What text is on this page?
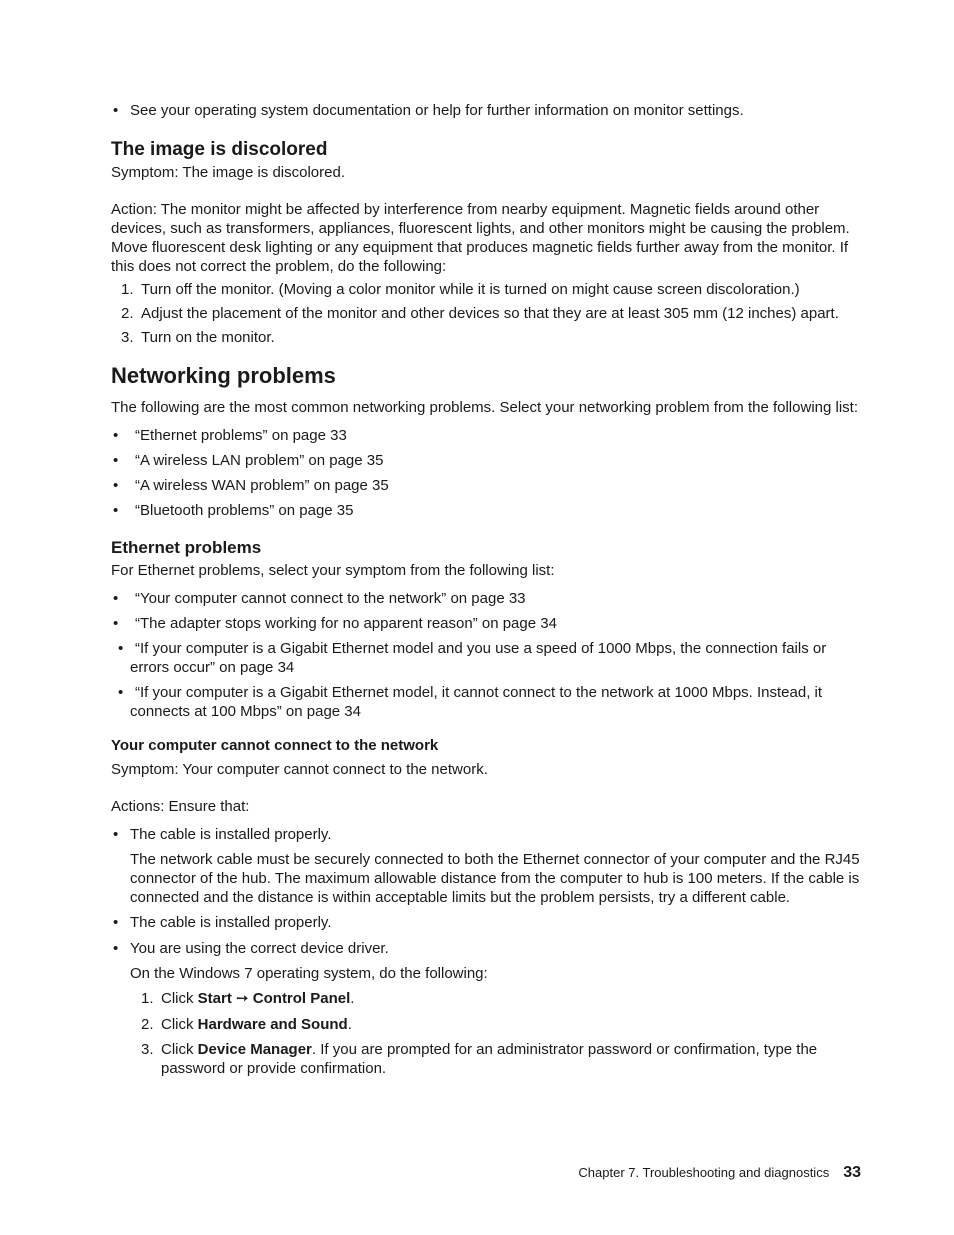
• See your operating system documentation or help for further information on monitor settings.
The image is discolored

Symptom: The image is discolored.

Action: The monitor might be affected by interference from nearby equipment. Magnetic fields around other devices, such as transformers, appliances, fluorescent lights, and other monitors might be causing the problem. Move fluorescent desk lighting or any equipment that produces magnetic fields further away from the monitor. If this does not correct the problem, do the following:

1. Turn off the monitor. (Moving a color monitor while it is turned on might cause screen discoloration.)
2. Adjust the placement of the monitor and other devices so that they are at least 305 mm (12 inches) apart.
3. Turn on the monitor.
Networking problems

The following are the most common networking problems. Select your networking problem from the following list:

• “Ethernet problems” on page 33
• “A wireless LAN problem” on page 35
• “A wireless WAN problem” on page 35
• “Bluetooth problems” on page 35
Ethernet problems

For Ethernet problems, select your symptom from the following list:

• “Your computer cannot connect to the network” on page 33
• “The adapter stops working for no apparent reason” on page 34
• “If your computer is a Gigabit Ethernet model and you use a speed of 1000 Mbps, the connection fails or errors occur” on page 34
• “If your computer is a Gigabit Ethernet model, it cannot connect to the network at 1000 Mbps. Instead, it connects at 100 Mbps” on page 34
Your computer cannot connect to the network

Symptom: Your computer cannot connect to the network.

Actions: Ensure that:

• The cable is installed properly.

The network cable must be securely connected to both the Ethernet connector of your computer and the RJ45 connector of the hub. The maximum allowable distance from the computer to hub is 100 meters. If the cable is connected and the distance is within acceptable limits but the problem persists, try a different cable.

• The cable is installed properly.
• You are using the correct device driver.

On the Windows 7 operating system, do the following:

1. Click Start ➙ Control Panel.
2. Click Hardware and Sound.
3. Click Device Manager. If you are prompted for an administrator password or confirmation, type the password or provide confirmation.
Chapter 7. Troubleshooting and diagnostics 33
